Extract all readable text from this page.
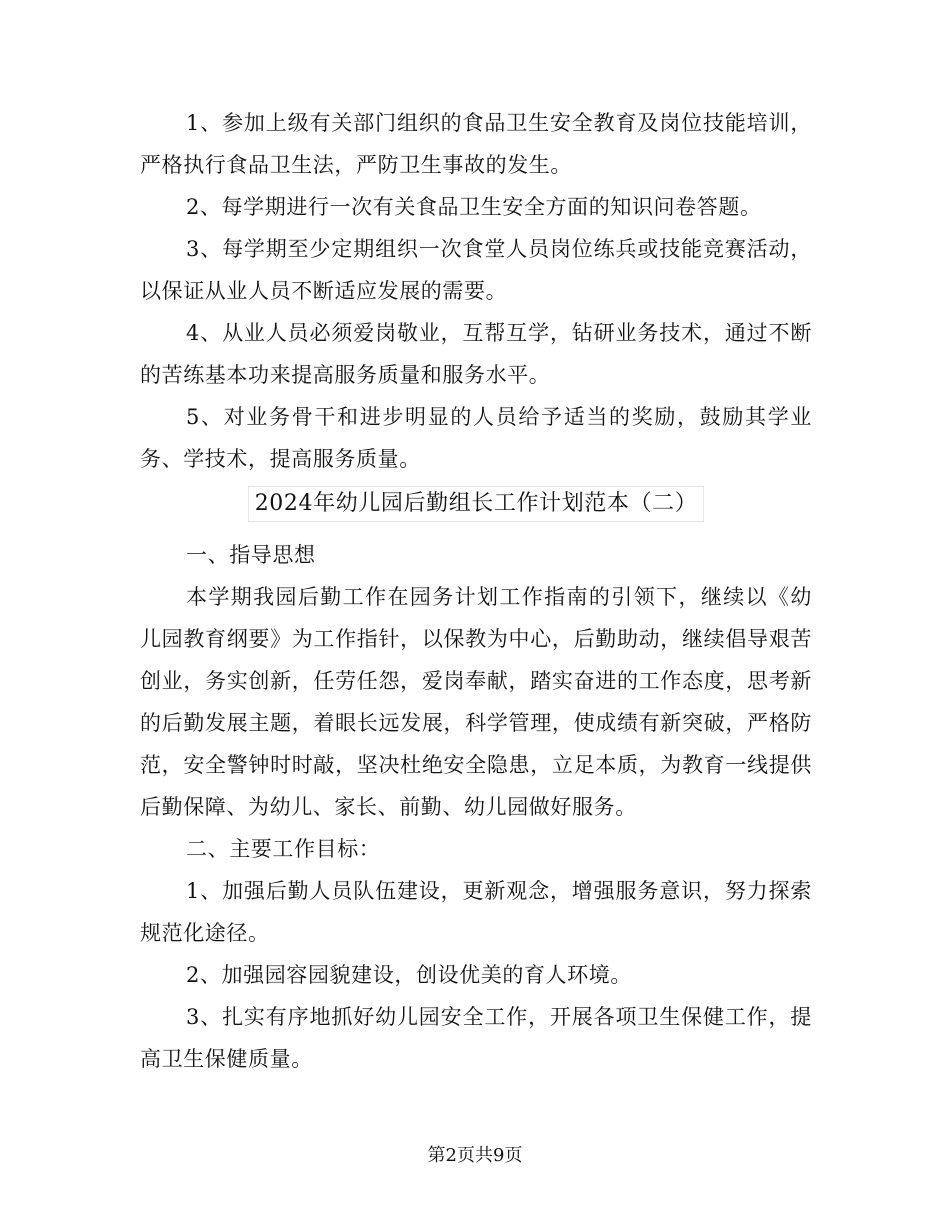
1、参加上级有关部门组织的食品卫生安全教育及岗位技能培训，严格执行食品卫生法，严防卫生事故的发生。

2、每学期进行一次有关食品卫生安全方面的知识问卷答题。

3、每学期至少定期组织一次食堂人员岗位练兵或技能竞赛活动，以保证从业人员不断适应发展的需要。

4、从业人员必须爱岗敬业，互帮互学，钻研业务技术，通过不断的苦练基本功来提高服务质量和服务水平。

5、对业务骨干和进步明显的人员给予适当的奖励，鼓励其学业务、学技术，提高服务质量。

2024年幼儿园后勤组长工作计划范本（二）

一、指导思想

本学期我园后勤工作在园务计划工作指南的引领下，继续以《幼儿园教育纲要》为工作指针，以保教为中心，后勤助动，继续倡导艰苦创业，务实创新，任劳任怨，爱岗奉献，踏实奋进的工作态度，思考新的后勤发展主题，着眼长远发展，科学管理，使成绩有新突破，严格防范，安全警钟时时敲，坚决杜绝安全隐患，立足本质，为教育一线提供后勤保障、为幼儿、家长、前勤、幼儿园做好服务。

二、主要工作目标：

1、加强后勤人员队伍建设，更新观念，增强服务意识，努力探索规范化途径。

2、加强园容园貌建设，创设优美的育人环境。

3、扎实有序地抓好幼儿园安全工作，开展各项卫生保健工作，提高卫生保健质量。

第2页共9页
